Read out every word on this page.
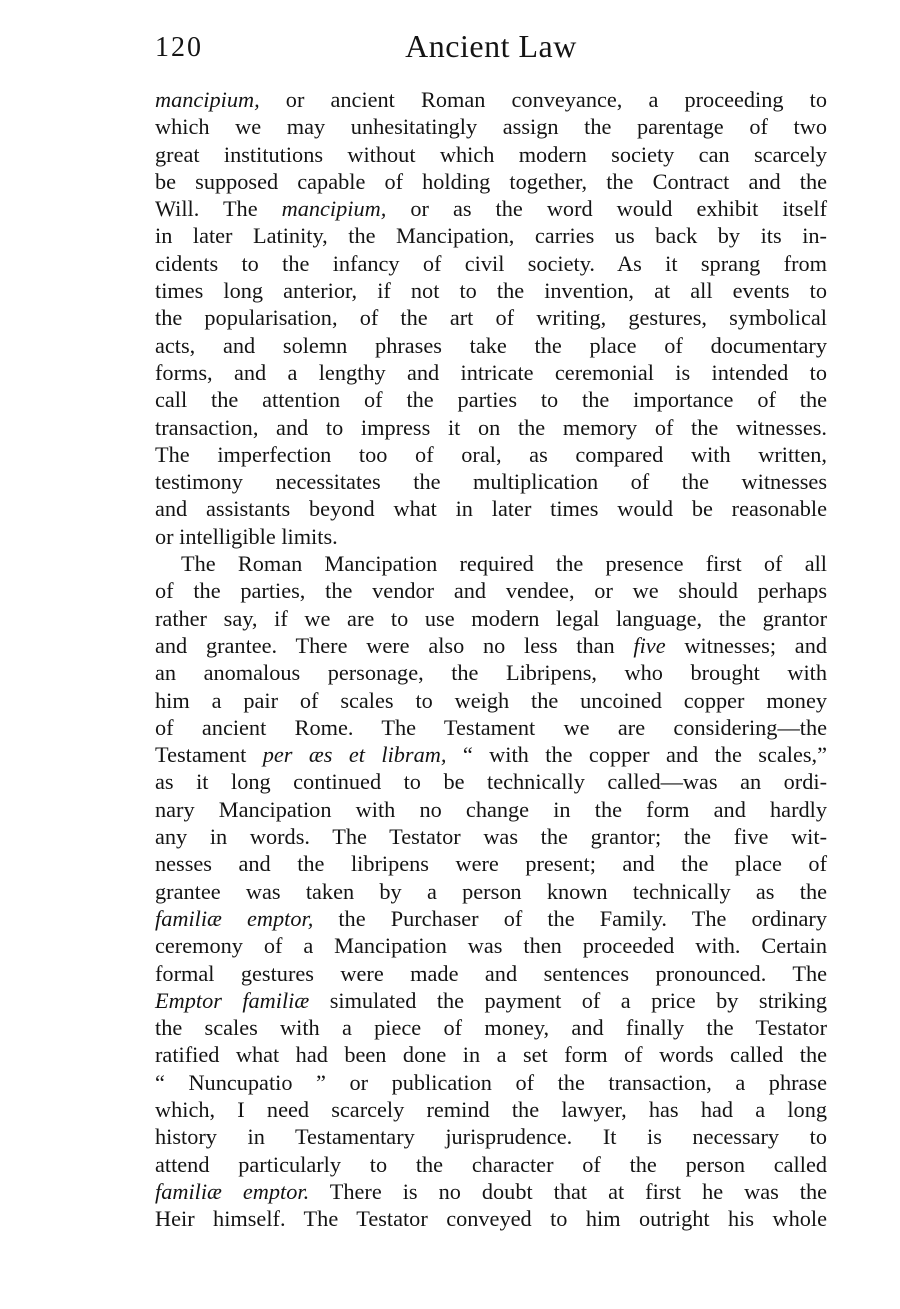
120	Ancient Law
mancipium, or ancient Roman conveyance, a proceeding to
which we may unhesitatingly assign the parentage of two
great institutions without which modern society can scarcely
be supposed capable of holding together, the Contract and the
Will. The mancipium, or as the word would exhibit itself
in later Latinity, the Mancipation, carries us back by its in-
cidents to the infancy of civil society. As it sprang from
times long anterior, if not to the invention, at all events to
the popularisation, of the art of writing, gestures, symbolical
acts, and solemn phrases take the place of documentary
forms, and a lengthy and intricate ceremonial is intended to
call the attention of the parties to the importance of the
transaction, and to impress it on the memory of the witnesses.
The imperfection too of oral, as compared with written,
testimony necessitates the multiplication of the witnesses
and assistants beyond what in later times would be reasonable
or intelligible limits.
The Roman Mancipation required the presence first of all
of the parties, the vendor and vendee, or we should perhaps
rather say, if we are to use modern legal language, the grantor
and grantee. There were also no less than five witnesses; and
an anomalous personage, the Libripens, who brought with
him a pair of scales to weigh the uncoined copper money
of ancient Rome. The Testament we are considering—the
Testament per æs et libram, “ with the copper and the scales,”
as it long continued to be technically called—was an ordi-
nary Mancipation with no change in the form and hardly
any in words. The Testator was the grantor; the five wit-
nesses and the libripens were present; and the place of
grantee was taken by a person known technically as the
familiæ emptor, the Purchaser of the Family. The ordinary
ceremony of a Mancipation was then proceeded with. Certain
formal gestures were made and sentences pronounced. The
Emptor familiæ simulated the payment of a price by striking
the scales with a piece of money, and finally the Testator
ratified what had been done in a set form of words called the
“ Nuncupatio ” or publication of the transaction, a phrase
which, I need scarcely remind the lawyer, has had a long
history in Testamentary jurisprudence. It is necessary to
attend particularly to the character of the person called
familiæ emptor. There is no doubt that at first he was the
Heir himself. The Testator conveyed to him outright his whole
